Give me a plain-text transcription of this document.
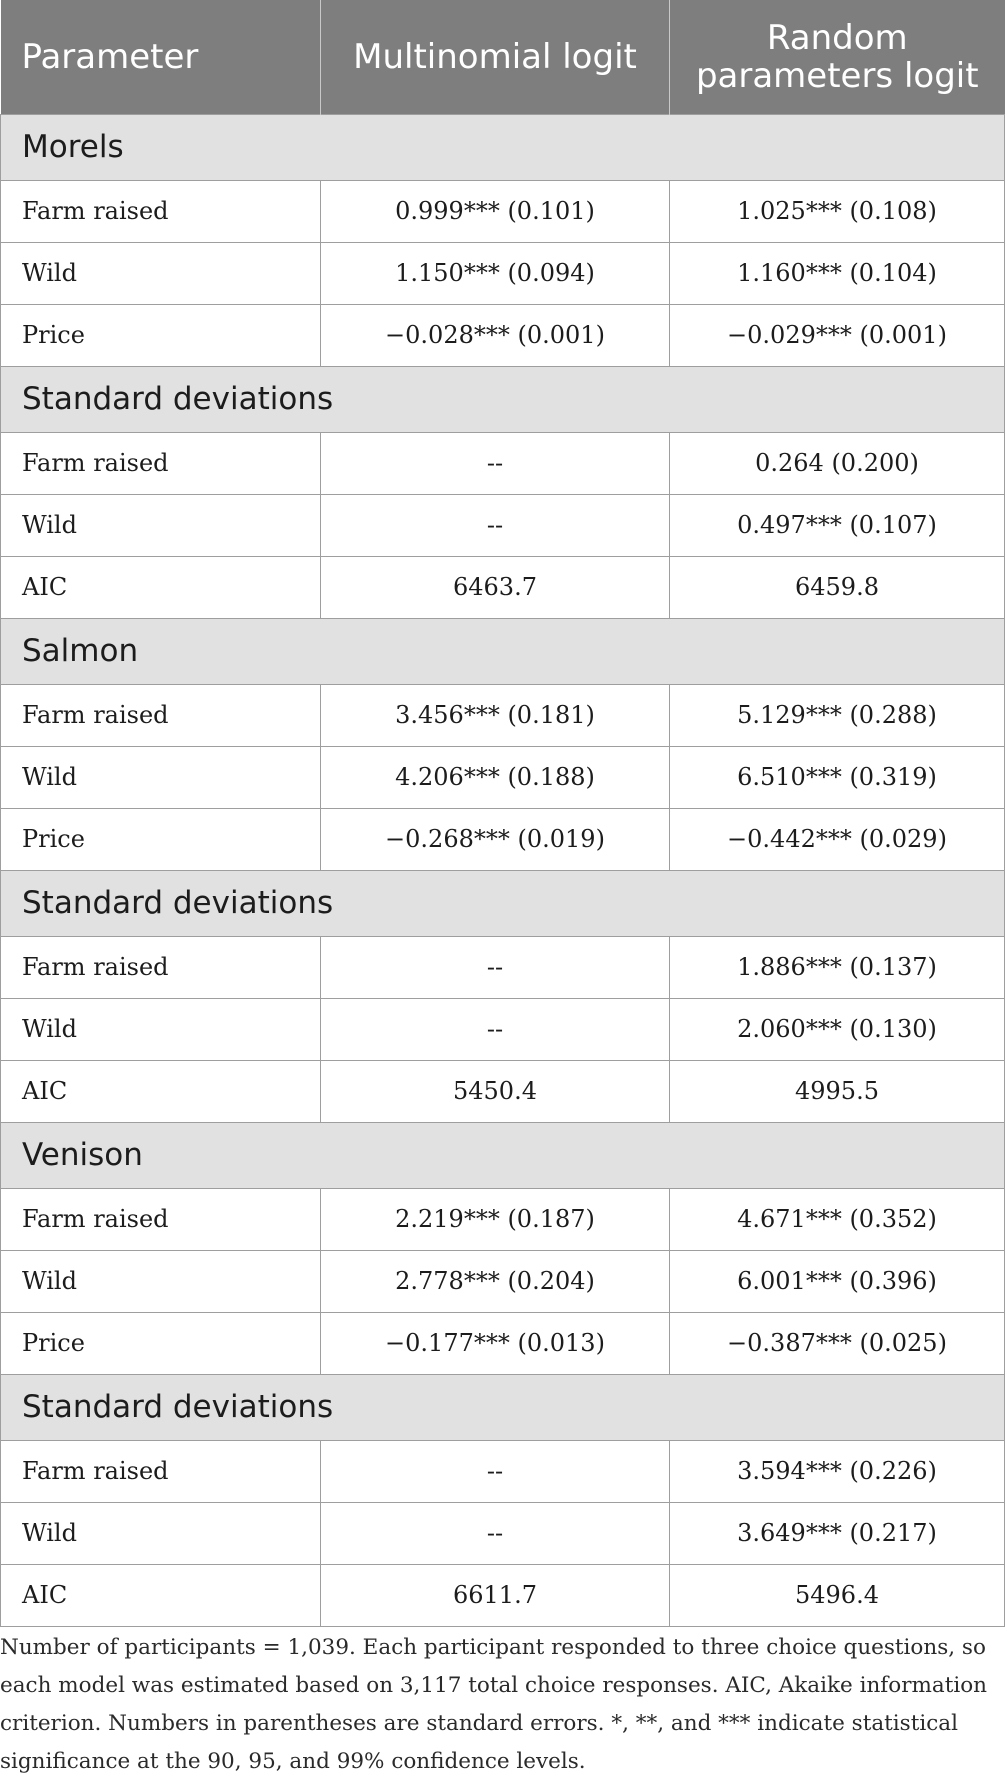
Parameter	Multinomial logit	Random parameters logit
Morels		
Farm raised	0.999*** (0.101)	1.025*** (0.108)
Wild	1.150*** (0.094)	1.160*** (0.104)
Price	−0.028*** (0.001)	−0.029*** (0.001)
Standard deviations		
Farm raised	--	0.264 (0.200)
Wild	--	0.497*** (0.107)
AIC	6463.7	6459.8
Salmon		
Farm raised	3.456*** (0.181)	5.129*** (0.288)
Wild	4.206*** (0.188)	6.510*** (0.319)
Price	−0.268*** (0.019)	−0.442*** (0.029)
Standard deviations		
Farm raised	--	1.886*** (0.137)
Wild	--	2.060*** (0.130)
AIC	5450.4	4995.5
Venison		
Farm raised	2.219*** (0.187)	4.671*** (0.352)
Wild	2.778*** (0.204)	6.001*** (0.396)
Price	−0.177*** (0.013)	−0.387*** (0.025)
Standard deviations		
Farm raised	--	3.594*** (0.226)
Wild	--	3.649*** (0.217)
AIC	6611.7	5496.4
Number of participants = 1,039. Each participant responded to three choice questions, so each model was estimated based on 3,117 total choice responses. AIC, Akaike information criterion. Numbers in parentheses are standard errors. *, **, and *** indicate statistical significance at the 90, 95, and 99% confidence levels.
